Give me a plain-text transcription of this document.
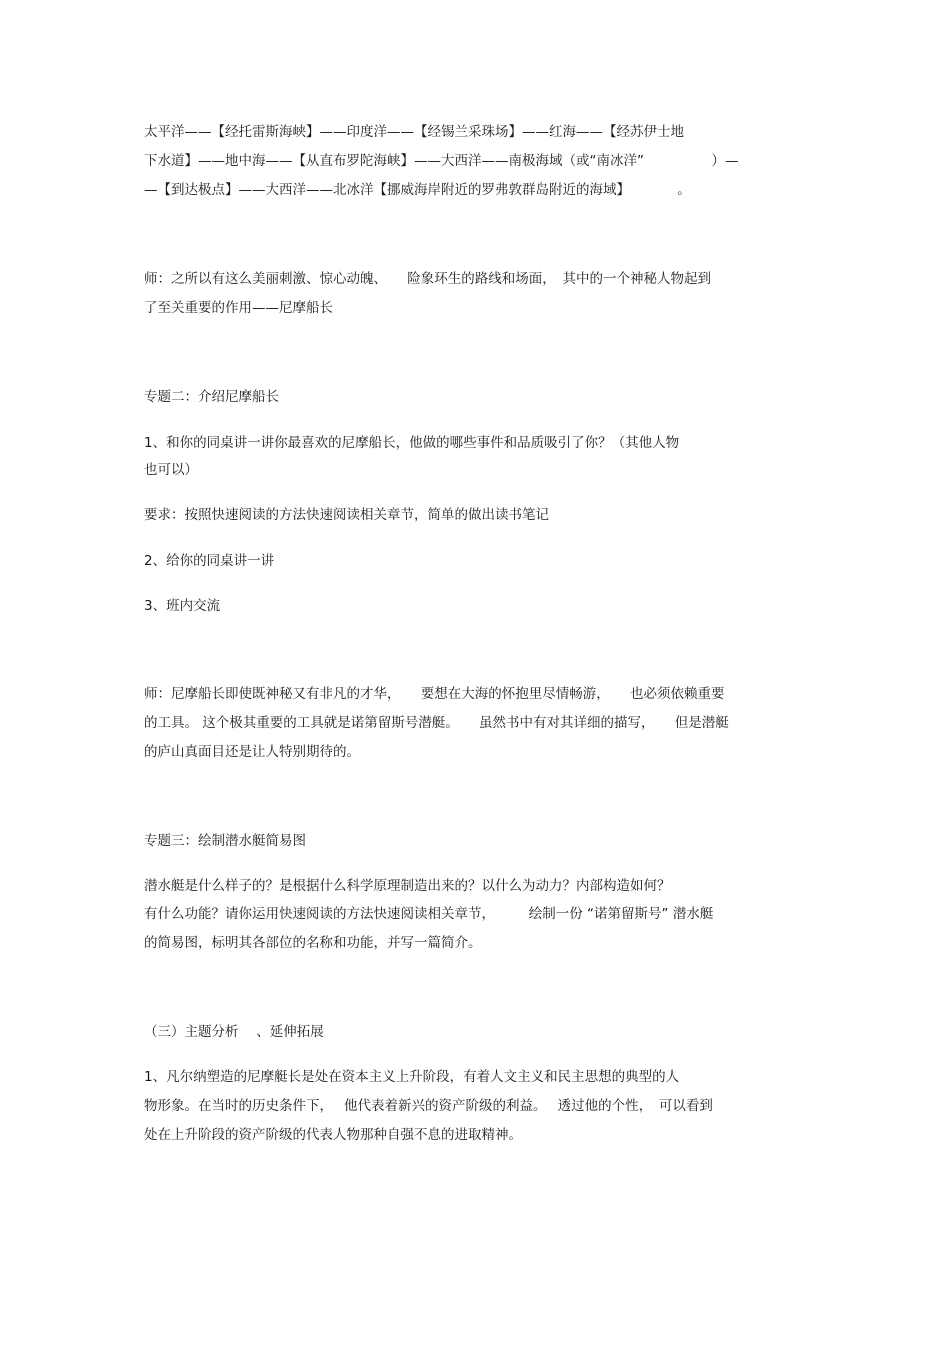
太平洋——【经托雷斯海峡】——印度洋——【经锡兰采珠场】——红海——【经苏伊士地
下水道】——地中海——【从直布罗陀海峡】——大西洋——南极海域（或“南冰洋”　　　　　）—
—【到达极点】——大西洋——北冰洋【挪威海岸附近的罗弗敦群岛附近的海域】　　　　。
师：之所以有这么美丽刺激、惊心动魄、　　险象环生的路线和场面，　其中的一个神秘人物起到
了至关重要的作用——尼摩船长
专题二：介绍尼摩船长
1、和你的同桌讲一讲你最喜欢的尼摩船长，他做的哪些事件和品质吸引了你？（其他人物
也可以）
要求：按照快速阅读的方法快速阅读相关章节，简单的做出读书笔记
2、给你的同桌讲一讲
3、班内交流
师：尼摩船长即使既神秘又有非凡的才华，　　要想在大海的怀抱里尽情畅游，　　也必须依赖重要
的工具。 这个极其重要的工具就是诺第留斯号潜艇。　　虽然书中有对其详细的描写，　　但是潜艇
的庐山真面目还是让人特别期待的。
专题三：绘制潜水艇简易图
潜水艇是什么样子的？是根据什么科学原理制造出来的？以什么为动力？内部构造如何？
有什么功能？请你运用快速阅读的方法快速阅读相关章节，　　　绘制一份 “诺第留斯号” 潜水艇
的简易图，标明其各部位的名称和功能，并写一篇简介。
（三）主题分析　 、延伸拓展
1、凡尔纳塑造的尼摩艇长是处在资本主义上升阶段，有着人文主义和民主思想的典型的人
物形象。在当时的历史条件下，　 他代表着新兴的资产阶级的利益。　 透过他的个性，　可以看到
处在上升阶段的资产阶级的代表人物那种自强不息的进取精神。
